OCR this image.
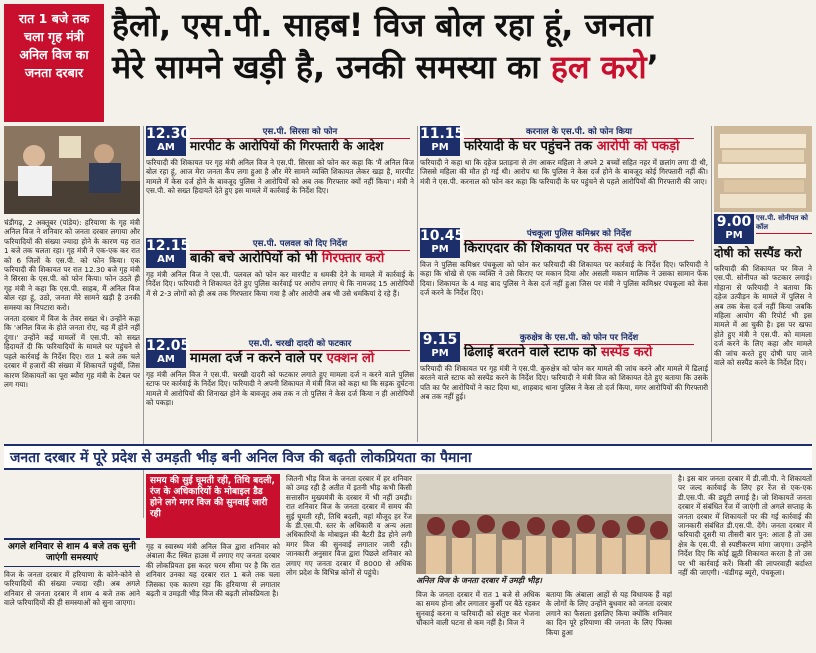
रात 1 बजे तक चला गृह मंत्री अनिल विज का जनता दरबार
हैलो, एस.पी. साहब! विज बोल रहा हूं, जनता
मेरे सामने खड़ी है, उनकी समस्या का हल करो’

चंडीगढ़, 2 अक्तूबर (पांडेय): हरियाणा के गृह मंत्री अनिल विज ने शनिवार को जनता दरबार लगाया और फरियादियों की संख्या ज्यादा होने के कारण यह रात 1 बजे तक चलता रहा। गृह मंत्री ने एक-एक कर रात को 6 जिलों के एस.पी. को फोन किया। एक फरियादी की शिकायत पर रात 12.30 बजे गृह मंत्री ने सिरसा के एस.पी. को फोन किया। फोन उठते ही गृह मंत्री ने कहा कि एस.पी. साहब, मैं अनिल विज बोल रहा हूं, उठो, जनता मेरे सामने खड़ी है उनकी समस्या का निपटारा करो।

जनता दरबार में विज के तेवर सख्त थे। उन्होंने कहा कि 'अनिल विज के होते जनता रोए, यह मैं होने नहीं दूंगा।' उन्होंने कई मामलों में एस.पी. को सख्त हिदायतें दी कि फरियादियों के मामले घर पहुंचने से पहले कार्रवाई के निर्देश दिए। रात 1 बजे तक चले दरबार में हजारों की संख्या में शिकायतें पहुंचीं, जिस कारण शिकायतों का पूरा ब्यौरा गृह मंत्री के टेबल पर लग गया।

अगले शनिवार से शाम 4 बजे तक सुनी जाएंगी समस्याएं
विज के जनता दरबार में हरियाणा के कोने-कोने से फरियादियों की संख्या ज्यादा रही। अब अगले शनिवार से जनता दरबार में शाम 4 बजे तक आने वाले फरियादियों की ही समस्याओं को सुना जाएगा।
12.30
AM
एस.पी. सिरसा को फोन
मारपीट के आरोपियों की गिरफ्तारी के आदेश
फरियादी की शिकायत पर गृह मंत्री अनिल विज ने एस.पी. सिरसा को फोन कर कहा कि 'मैं अनिल विज बोल रहा हूं, आज मेरा जनता कैंप लगा हुआ है और मेरे सामने व्यक्ति शिकायत लेकर खड़ा है, मारपीट मामले में केस दर्ज होने के बावजूद पुलिस ने आरोपियों को अब तक गिरफ्तार क्यों नहीं किया'। मंत्री ने एस.पी. को सख्त हिदायतें देते हुए इस मामले में कार्रवाई के निर्देश दिए।
12.15
AM
एस.पी. पलवल को दिए निर्देश
बाकी बचे आरोपियों को भी गिरफ्तार करो
गृह मंत्री अनिल विज ने एस.पी. पलवल को फोन कर मारपीट व धमकी देने के मामले में कार्रवाई के निर्देश दिए। फरियादी ने शिकायत देते हुए पुलिस कार्रवाई पर आरोप लगाए थे कि नामजद 15 आरोपियों में से 2-3 लोगों को ही अब तक गिरफ्तार किया गया है और आरोपी अब भी उसे धमकियां दे रहे हैं।
12.05
AM
एस.पी. चरखी दादरी को फटकार
मामला दर्ज न करने वाले पर एक्शन लो
गृह मंत्री अनिल विज ने एस.पी. चरखी दादरी को फटकार लगाते हुए मामला दर्ज न करने वाले पुलिस स्टाफ पर कार्रवाई के निर्देश दिए। फरियादी ने अपनी शिकायत में मंत्री विज को कहा था कि सड़क दुर्घटना मामले में आरोपियों की शिनाख्त होने के बावजूद अब तक न तो पुलिस ने केस दर्ज किया न ही आरोपियों को पकड़ा।
11.15
PM
करनाल के एस.पी. को फोन किया
फरियादी के घर पहुंचने तक आरोपी को पकड़ो
फरियादी ने कहा था कि दहेज प्रताड़ना से तंग आकर महिला ने अपने 2 बच्चों सहित नहर में छलांग लगा दी थी, जिससे महिला की मौत हो गई थी। आरोप था कि पुलिस ने केस दर्ज होने के बावजूद कोई गिरफ्तारी नहीं की। मंत्री ने एस.पी. करनाल को फोन कर कहा कि फरियादी के घर पहुंचने से पहले आरोपियों की गिरफ्तारी की जाए।
10.45
PM
पंचकूला पुलिस कमिश्नर को निर्देश
किराएदार की शिकायत पर केस दर्ज करो
विज ने पुलिस कमिश्नर पंचकूला को फोन कर फरियादी की शिकायत पर कार्रवाई के निर्देश दिए। फरियादी ने कहा कि धोखे से एक व्यक्ति ने उसे किराए पर मकान दिया और असली मकान मालिक ने उसका सामान फेंक दिया। शिकायत के 4 माह बाद पुलिस ने केस दर्ज नहीं हुआ जिस पर मंत्री ने पुलिस कमिश्नर पंचकूला को केस दर्ज करने के निर्देश दिए।
9.15
PM
कुरुक्षेत्र के एस.पी. को फोन पर निर्देश
ढिलाई बरतने वाले स्टाफ को सस्पेंड करो
फरियादी की शिकायत पर गृह मंत्री ने एस.पी. कुरुक्षेत्र को फोन कर मामले की जांच करने और मामले में ढिलाई बरतने वाले स्टाफ को सस्पेंड करने के निर्देश दिए। फरियादी ने मंत्री विज को शिकायत देते हुए बताया कि उसके पति का पैर आरोपियों ने काट दिया था, शाहबाद थाना पुलिस ने केस तो दर्ज किया, मगर आरोपियों की गिरफ्तारी अब तक नहीं हुई।
9.00
PM
एस.पी. सोनीपत को कॉल
दोषी को सस्पैंड करो
फरियादी की शिकायत पर विज ने एस.पी. सोनीपत को फटकार लगाई। गोहाना से फरियादी ने बताया कि दहेज उत्पीड़न के मामले में पुलिस ने अब तक केस दर्ज नहीं किया जबकि महिला आयोग की रिपोर्ट भी इस मामले में आ चुकी है। इस पर खफा होते हुए मंत्री ने एस.पी. को मामला दर्ज करने के लिए कहा और मामले की जांच करते हुए दोषी पाए जाने वाले को सस्पैंड करने के निर्देश दिए।
जनता दरबार में पूरे प्रदेश से उमड़ती भीड़ बनी अनिल विज की बढ़ती लोकप्रियता का पैमाना
समय की सुई घूमती रही, तिथि बदली, रंज के अधिकारियों के मोबाइल डैड होने लगे मगर विज की सुनवाई जारी रही
गृह व स्वास्थ्य मंत्री अनिल विज द्वारा शनिवार को अंबाला कैंट स्थित हाउस में लगाए गए जनता दरबार की लोकप्रियता इस कदर चरम सीमा पर है कि रात शनिवार उनका यह दरबार रात 1 बजे तक चला जिसका एक कारण रहा कि हरियाणा से लगातार बढ़ती व उमड़ती भीड़ विज की बढ़ती लोकप्रियता है।
जितनी भीड़ विज के जनता दरबार में हर शनिवार को उमड़ रही है अतीत में इतनी भीड़ कभी किसी सत्तासीन मुख्यमंत्री के दरबार में भी नहीं उमड़ी। रात शनिवार विज के जनता दरबार में समय की सुई घूमती रही, तिथि बदली, वहां मौजूद हर रेंज के डी.एस.पी. स्तर के अधिकारी व अन्य अला अधिकारियों के मोबाइल की बैटरी डैड होने लगी मगर विज की सुनवाई लगातार जारी रही। जानकारी अनुसार विज द्वारा पिछले शनिवार को लगाए गए जनता दरबार में 8000 से अधिक लोग प्रदेश के विभिन्न कोनों से पहुंचे।
अनिल विज के जनता दरबार में उमड़ी भीड़।
विज के जनता दरबार में रात 1 बजे से अधिक का समय होना और लगातार कुर्सी पर बैठे रहकर सुनवाई करना व फरियादी को संतुष्ट कर भेजना चौंकाने वाली घटना से कम नहीं है। विज ने
बताया कि अंबाला आहों से यह विधायक हैं वहां के लोगों के लिए उन्होंने बुधवार को जनता दरबार लगाने का फैसला इसलिए किया क्योंकि शनिवार का दिन पूरे हरियाणा की जनता के लिए फिक्स किया हुआ
है। इस बार जनता दरबार में डी.जी.पी. ने शिकायतों पर जल्द कार्रवाई के लिए हर रेंज से एक-एक डी.एस.पी. की ड्यूटी लगाई है। जो शिकायतें जनता दरबार में संबंधित रेंज में जाएंगी तो अगले सप्ताह के जनता दरबार में शिकायतों पर की गई कार्रवाई की जानकारी संबंधित डी.एस.पी. देंगे। जनता दरबार में फरियादी दूसरी या तीसरी बार पुन: आता है तो उस क्षेत्र के एस.पी. से स्पष्टीकरण मांगा जाएगा। उन्होंने निर्देश दिए कि कोई झूठी शिकायत करता है तो उस पर भी कार्रवाई करें। किसी की लापरवाही बर्दाश्त नहीं की जाएगी। -चंडीगढ़ ब्यूरो, पंचकूला।
